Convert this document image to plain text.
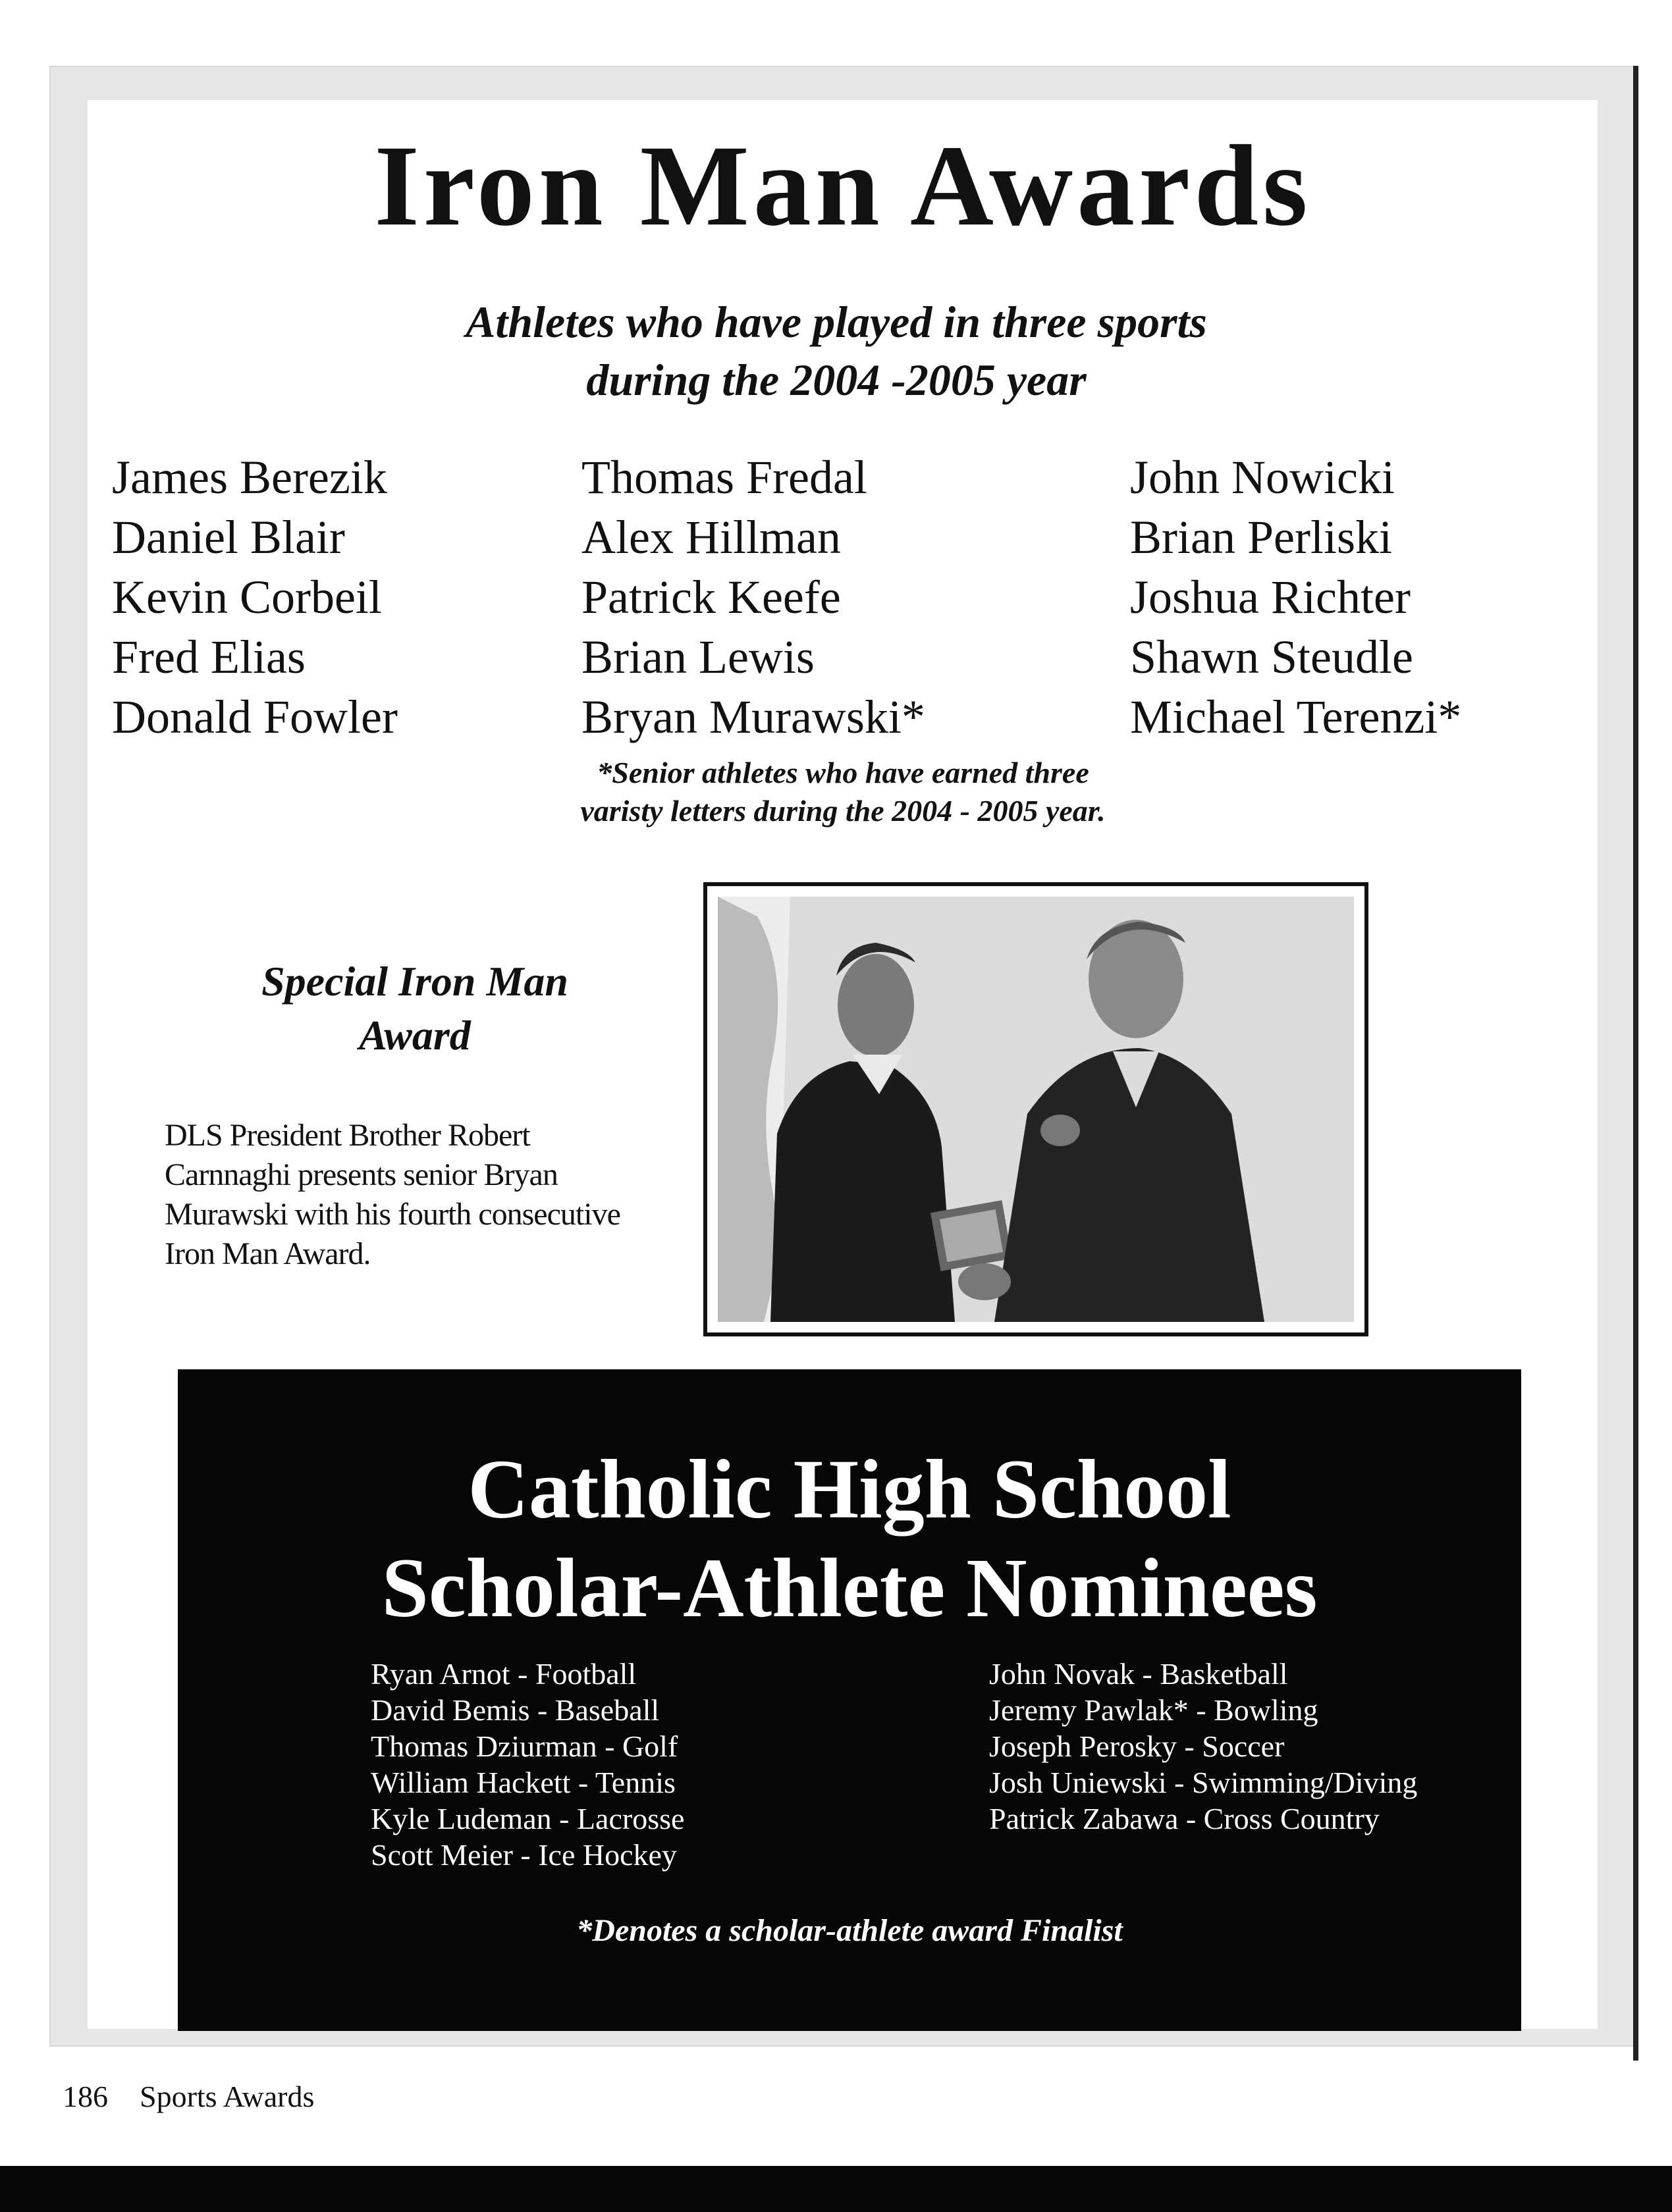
Iron Man Awards
Athletes who have played in three sports
during the 2004 -2005 year
James Berezik
Daniel Blair
Kevin Corbeil
Fred Elias
Donald Fowler
Thomas Fredal
Alex Hillman
Patrick Keefe
Brian Lewis
Bryan Murawski*
John Nowicki
Brian Perliski
Joshua Richter
Shawn Steudle
Michael Terenzi*
*Senior athletes who have earned three
varisty letters during the 2004 - 2005 year.
Special Iron Man
Award
DLS President Brother Robert
Carnnaghi presents senior Bryan
Murawski with his fourth consecutive
Iron Man Award.
Catholic High School
Scholar-Athlete Nominees
Ryan Arnot - Football
David Bemis - Baseball
Thomas Dziurman - Golf
William Hackett - Tennis
Kyle Ludeman - Lacrosse
Scott Meier - Ice Hockey
John Novak - Basketball
Jeremy Pawlak* - Bowling
Joseph Perosky - Soccer
Josh Uniewski - Swimming/Diving
Patrick Zabawa - Cross Country
*Denotes a scholar-athlete award Finalist
186 Sports Awards
